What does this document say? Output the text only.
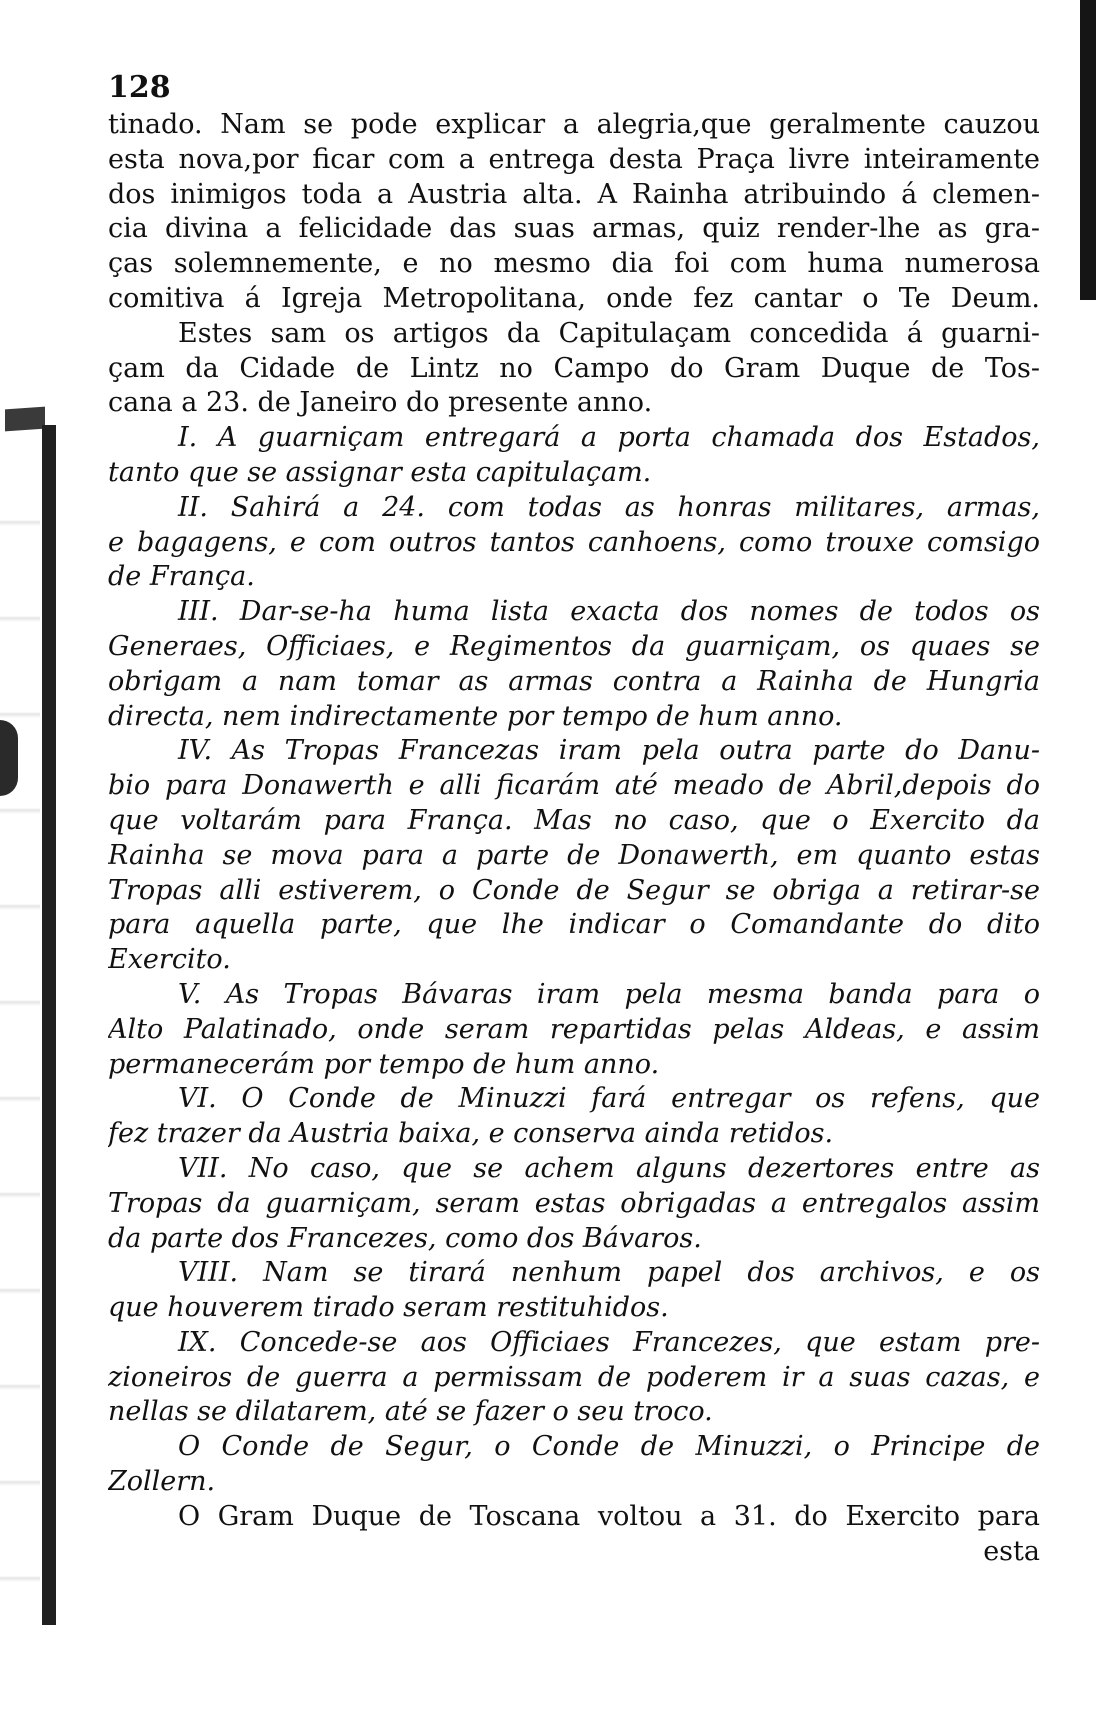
128
tinado. Nam se pode explicar a alegria,que geralmente cauzou
esta nova,por ficar com a entrega desta Praça livre inteiramente
dos inimigos toda a Austria alta. A Rainha atribuindo á clemen-
cia divina a felicidade das suas armas, quiz render-lhe as gra-
ças solemnemente, e no mesmo dia foi com huma numerosa
comitiva á Igreja Metropolitana, onde fez cantar o Te Deum.
Estes sam os artigos da Capitulaçam concedida á guarni-
çam da Cidade de Lintz no Campo do Gram Duque de Tos-
cana a 23. de Janeiro do presente anno.
I. A guarniçam entregará a porta chamada dos Estados,
tanto que se assignar esta capitulaçam.
II. Sahirá a 24. com todas as honras militares, armas,
e bagagens, e com outros tantos canhoens, como trouxe comsigo
de França.
III. Dar-se-ha huma lista exacta dos nomes de todos os
Generaes, Officiaes, e Regimentos da guarniçam, os quaes se
obrigam a nam tomar as armas contra a Rainha de Hungria
directa, nem indirectamente por tempo de hum anno.
IV. As Tropas Francezas iram pela outra parte do Danu-
bio para Donawerth e alli ficarám até meado de Abril,depois do
que voltarám para França. Mas no caso, que o Exercito da
Rainha se mova para a parte de Donawerth, em quanto estas
Tropas alli estiverem, o Conde de Segur se obriga a retirar-se
para aquella parte, que lhe indicar o Comandante do dito
Exercito.
V. As Tropas Bávaras iram pela mesma banda para o
Alto Palatinado, onde seram repartidas pelas Aldeas, e assim
permanecerám por tempo de hum anno.
VI. O Conde de Minuzzi fará entregar os refens, que
fez trazer da Austria baixa, e conserva ainda retidos.
VII. No caso, que se achem alguns dezertores entre as
Tropas da guarniçam, seram estas obrigadas a entregalos assim
da parte dos Francezes, como dos Bávaros.
VIII. Nam se tirará nenhum papel dos archivos, e os
que houverem tirado seram restituhidos.
IX. Concede-se aos Officiaes Francezes, que estam pre-
zioneiros de guerra a permissam de poderem ir a suas cazas, e
nellas se dilatarem, até se fazer o seu troco.
O Conde de Segur, o Conde de Minuzzi, o Principe de
Zollern.
O Gram Duque de Toscana voltou a 31. do Exercito para
esta
